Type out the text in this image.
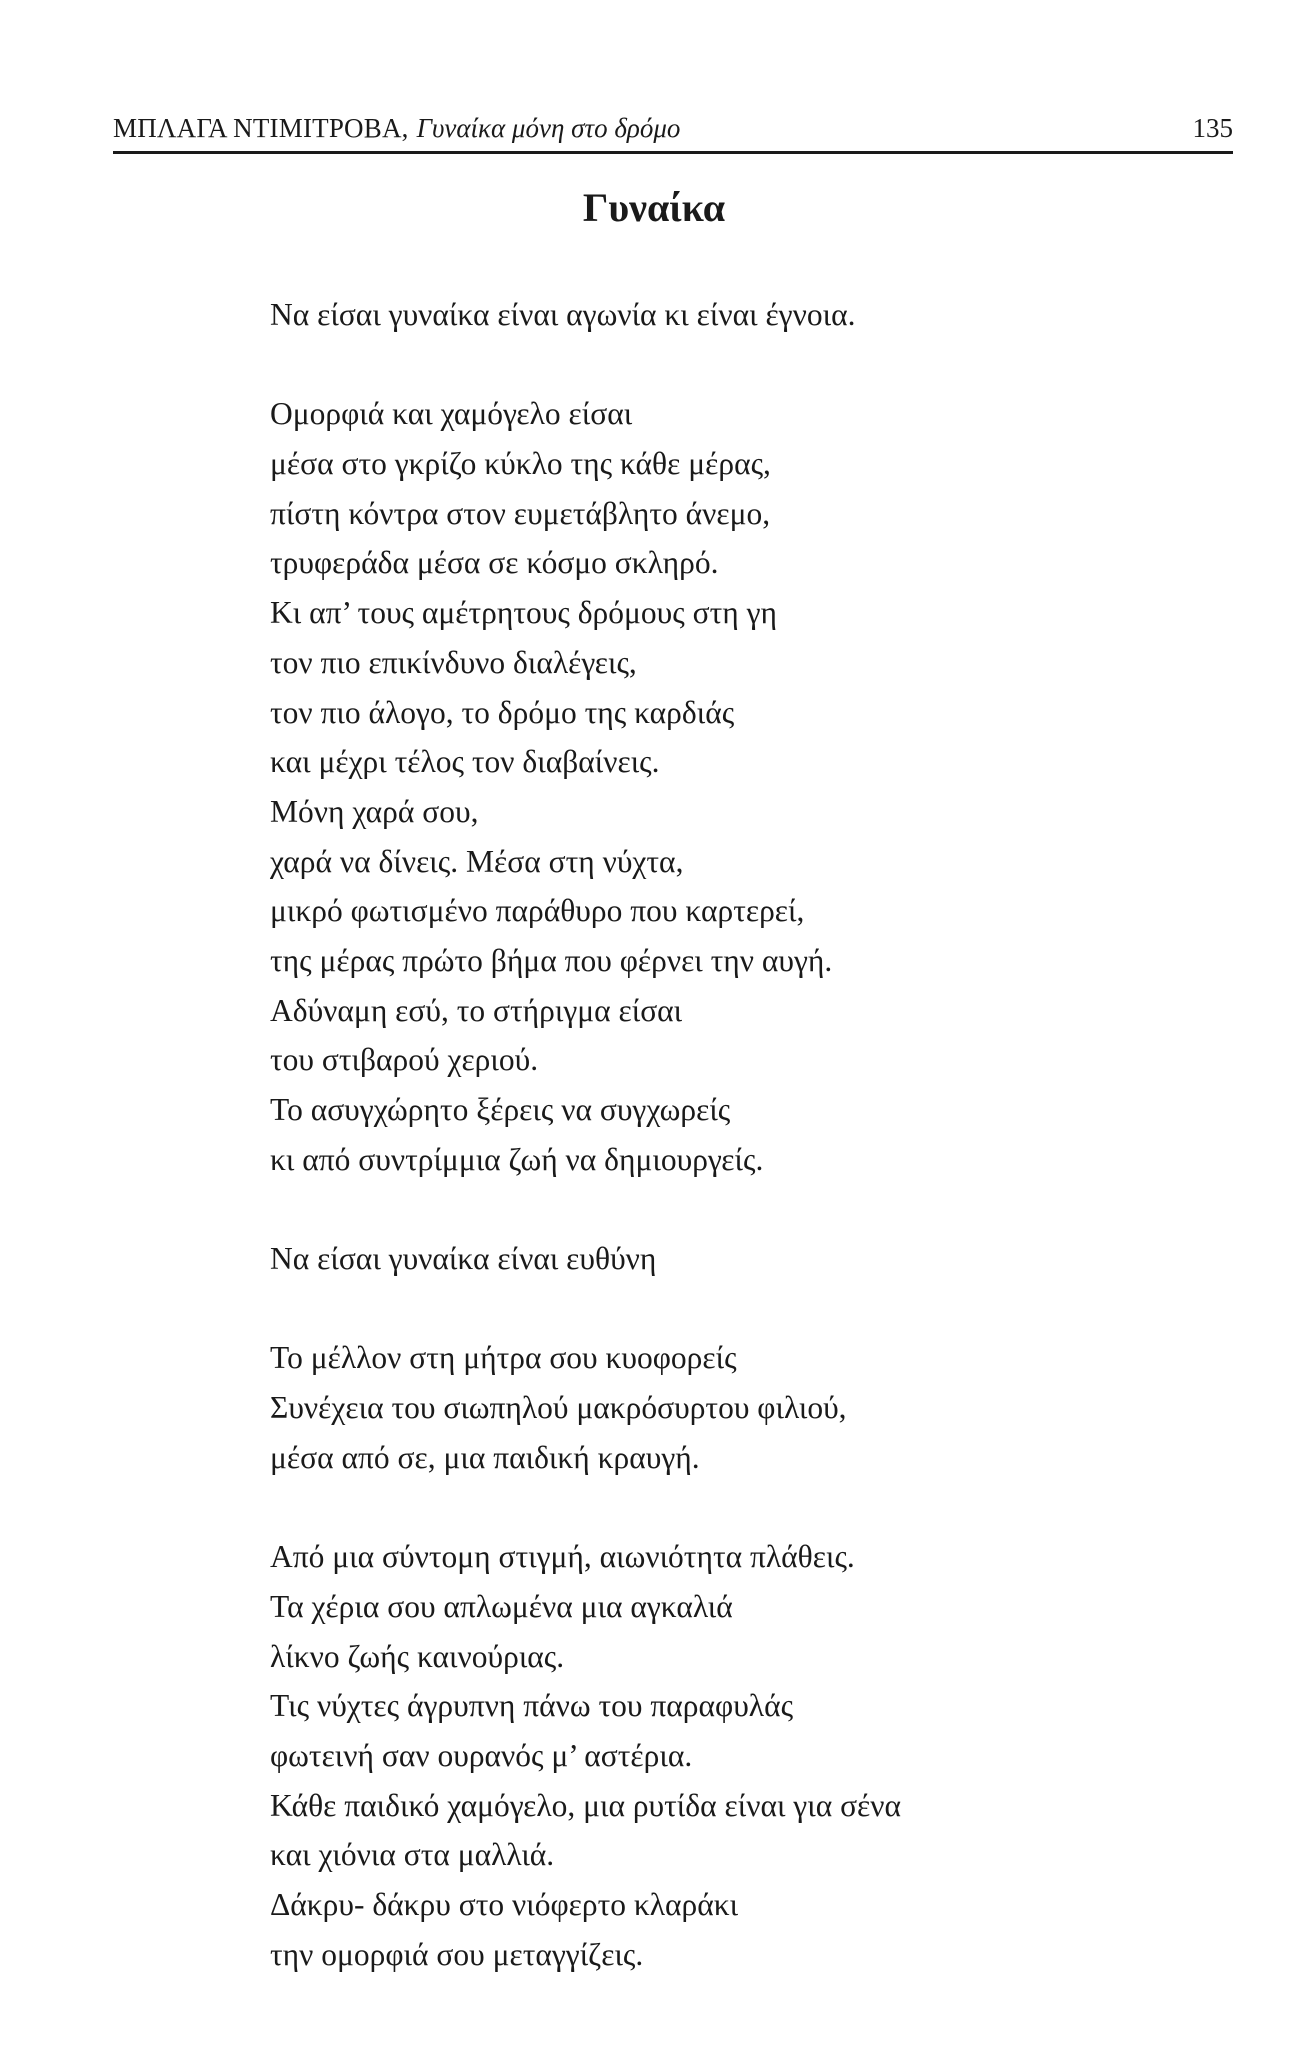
ΜΠΛΑΓΑ ΝΤΙΜΙΤΡΟΒΑ, Γυναίκα μόνη στο δρόμο	135
Γυναίκα
Να είσαι γυναίκα είναι αγωνία κι είναι έγνοια.
Ομορφιά και χαμόγελο είσαι
μέσα στο γκρίζο κύκλο της κάθε μέρας,
πίστη κόντρα στον ευμετάβλητο άνεμο,
τρυφεράδα μέσα σε κόσμο σκληρό.
Κι απ’ τους αμέτρητους δρόμους στη γη
τον πιο επικίνδυνο διαλέγεις,
τον πιο άλογο, το δρόμο της καρδιάς
και μέχρι τέλος τον διαβαίνεις.
Μόνη χαρά σου,
χαρά να δίνεις. Μέσα στη νύχτα,
μικρό φωτισμένο παράθυρο που καρτερεί,
της μέρας πρώτο βήμα που φέρνει την αυγή.
Αδύναμη εσύ, το στήριγμα είσαι
του στιβαρού χεριού.
Το ασυγχώρητο ξέρεις να συγχωρείς
κι από συντρίμμια ζωή να δημιουργείς.
Να είσαι γυναίκα είναι ευθύνη
Το μέλλον στη μήτρα σου κυοφορείς
Συνέχεια του σιωπηλού μακρόσυρτου φιλιού,
μέσα από σε, μια παιδική κραυγή.
Από μια σύντομη στιγμή, αιωνιότητα πλάθεις.
Τα χέρια σου απλωμένα μια αγκαλιά
λίκνο ζωής καινούριας.
Τις νύχτες άγρυπνη πάνω του παραφυλάς
φωτεινή σαν ουρανός μ’ αστέρια.
Κάθε παιδικό χαμόγελο, μια ρυτίδα είναι για σένα
και χιόνια στα μαλλιά.
Δάκρυ- δάκρυ στο νιόφερτο κλαράκι
την ομορφιά σου μεταγγίζεις.
